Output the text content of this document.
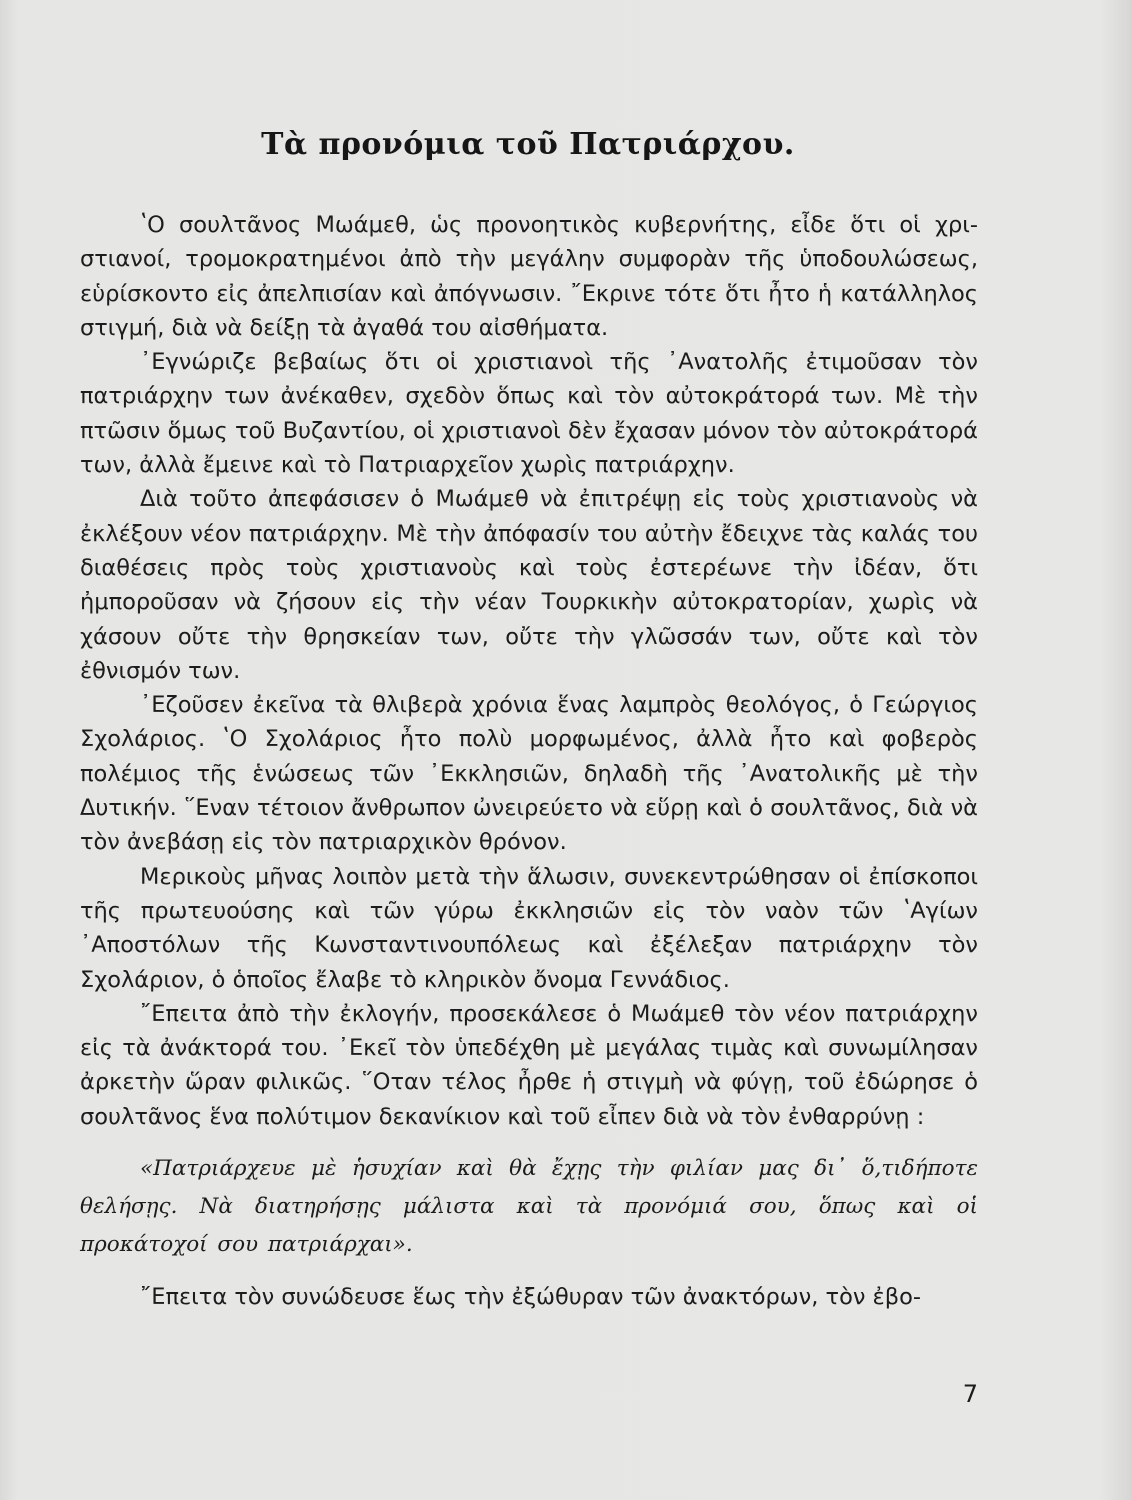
Τὰ προνόμια τοῦ Πατριάρχου.

ʽΟ σουλτᾶνος Μωάμεθ, ὡς προνοητικὸς κυβερνήτης, εἶδε ὅτι οἱ χριστιανοί, τρομοκρατημένοι ἀπὸ τὴν μεγάλην συμφορὰν τῆς ὑποδουλώσεως, εὑρίσκοντο εἰς ἀπελπισίαν καὶ ἀπόγνωσιν. ῎Εκρινε τότε ὅτι ἦτο ἡ κατάλληλος στιγμή, διὰ νὰ δείξῃ τὰ ἀγαθά του αἰσθήματα.

᾿Εγνώριζε βεβαίως ὅτι οἱ χριστιανοὶ τῆς ᾿Ανατολῆς ἐτιμοῦσαν τὸν πατριάρχην των ἀνέκαθεν, σχεδὸν ὅπως καὶ τὸν αὐτοκράτορά των. Μὲ τὴν πτῶσιν ὅμως τοῦ Βυζαντίου, οἱ χριστιανοὶ δὲν ἔχασαν μόνον τὸν αὐτοκράτορά των, ἀλλὰ ἔμεινε καὶ τὸ Πατριαρχεῖον χωρὶς πατριάρχην.

Διὰ τοῦτο ἀπεφάσισεν ὁ Μωάμεθ νὰ ἐπιτρέψῃ εἰς τοὺς χριστιανοὺς νὰ ἐκλέξουν νέον πατριάρχην. Μὲ τὴν ἀπόφασίν του αὐτὴν ἔδειχνε τὰς καλάς του διαθέσεις πρὸς τοὺς χριστιανοὺς καὶ τοὺς ἐστερέωνε τὴν ἰδέαν, ὅτι ἠμποροῦσαν νὰ ζήσουν εἰς τὴν νέαν Τουρκικὴν αὐτοκρατορίαν, χωρὶς νὰ χάσουν οὔτε τὴν θρησκείαν των, οὔτε τὴν γλῶσσάν των, οὔτε καὶ τὸν ἐθνισμόν των.

᾿Εζοῦσεν ἐκεῖνα τὰ θλιβερὰ χρόνια ἕνας λαμπρὸς θεολόγος, ὁ Γεώργιος Σχολάριος. ʽΟ Σχολάριος ἦτο πολὺ μορφωμένος, ἀλλὰ ἦτο καὶ φοβερὸς πολέμιος τῆς ἑνώσεως τῶν ᾿Εκκλησιῶν, δηλαδὴ τῆς ᾿Ανατολικῆς μὲ τὴν Δυτικήν. ῞Εναν τέτοιον ἄνθρωπον ὠνειρεύετο νὰ εὕρῃ καὶ ὁ σουλτᾶνος, διὰ νὰ τὸν ἀνεβάσῃ εἰς τὸν πατριαρχικὸν θρόνον.

Μερικοὺς μῆνας λοιπὸν μετὰ τὴν ἅλωσιν, συνεκεντρώθησαν οἱ ἐπίσκοποι τῆς πρωτευούσης καὶ τῶν γύρω ἐκκλησιῶν εἰς τὸν ναὸν τῶν ʽΑγίων ᾿Αποστόλων τῆς Κωνσταντινουπόλεως καὶ ἐξέλεξαν πατριάρχην τὸν Σχολάριον, ὁ ὁποῖος ἔλαβε τὸ κληρικὸν ὄνομα Γεννάδιος.

῎Επειτα ἀπὸ τὴν ἐκλογήν, προσεκάλεσε ὁ Μωάμεθ τὸν νέον πατριάρχην εἰς τὰ ἀνάκτορά του. ᾿Εκεῖ τὸν ὑπεδέχθη μὲ μεγάλας τιμὰς καὶ συνωμίλησαν ἀρκετὴν ὥραν φιλικῶς. ῞Οταν τέλος ἦρθε ἡ στιγμὴ νὰ φύγῃ, τοῦ ἐδώρησε ὁ σουλτᾶνος ἕνα πολύτιμον δεκανίκιον καὶ τοῦ εἶπεν διὰ νὰ τὸν ἐνθαρρύνῃ :

«Πατριάρχευε μὲ ἡσυχίαν καὶ θὰ ἔχῃς τὴν φιλίαν μας δι᾿ ὅ,τιδήποτε θελήσῃς. Νὰ διατηρήσῃς μάλιστα καὶ τὰ προνόμιά σου, ὅπως καὶ οἱ προκάτοχοί σου πατριάρχαι».

῎Επειτα τὸν συνώδευσε ἕως τὴν ἐξώθυραν τῶν ἀνακτόρων, τὸν ἐβο-

7
